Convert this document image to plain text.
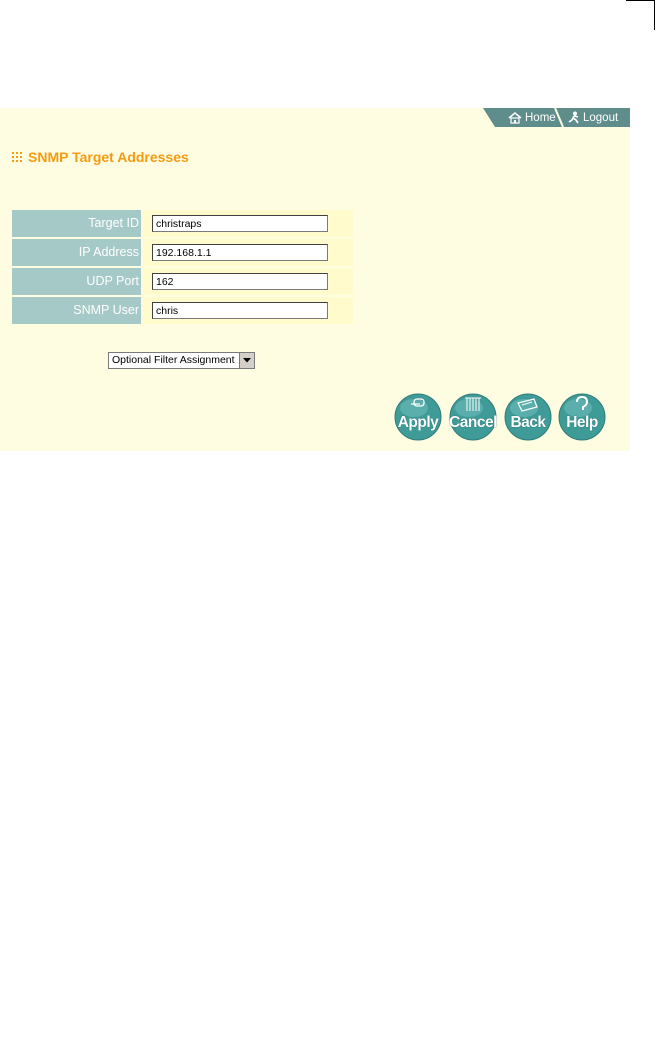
Home Logout
SNMP Target Addresses
Target ID
christraps
IP Address
192.168.1.1
UDP Port
162
SNMP User
chris
Optional Filter Assignment
Apply Cancel Back	Help
